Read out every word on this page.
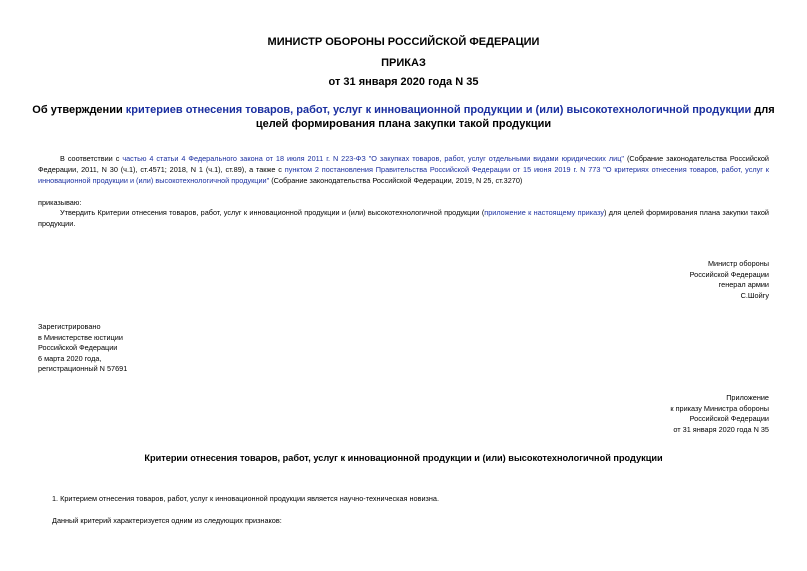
МИНИСТР ОБОРОНЫ РОССИЙСКОЙ ФЕДЕРАЦИИ
ПРИКАЗ
от 31 января 2020 года N 35
Об утверждении критериев отнесения товаров, работ, услуг к инновационной продукции и (или) высокотехнологичной продукции для целей формирования плана закупки такой продукции
В соответствии с частью 4 статьи 4 Федерального закона от 18 июля 2011 г. N 223-ФЗ "О закупках товаров, работ, услуг отдельными видами юридических лиц" (Собрание законодательства Российской Федерации, 2011, N 30 (ч.1), ст.4571; 2018, N 1 (ч.1), ст.89), а также с пунктом 2 постановления Правительства Российской Федерации от 15 июня 2019 г. N 773 "О критериях отнесения товаров, работ, услуг к инновационной продукции и (или) высокотехнологичной продукции" (Собрание законодательства Российской Федерации, 2019, N 25, ст.3270)
приказываю:
Утвердить Критерии отнесения товаров, работ, услуг к инновационной продукции и (или) высокотехнологичной продукции (приложение к настоящему приказу) для целей формирования плана закупки такой продукции.
Министр обороны
Российской Федерации
генерал армии
С.Шойгу
Зарегистрировано
в Министерстве юстиции
Российской Федерации
6 марта 2020 года,
регистрационный N 57691
Приложение
к приказу Министра обороны
Российской Федерации
от 31 января 2020 года N 35
Критерии отнесения товаров, работ, услуг к инновационной продукции и (или) высокотехнологичной продукции
1. Критерием отнесения товаров, работ, услуг к инновационной продукции является научно-техническая новизна.
Данный критерий характеризуется одним из следующих признаков:
